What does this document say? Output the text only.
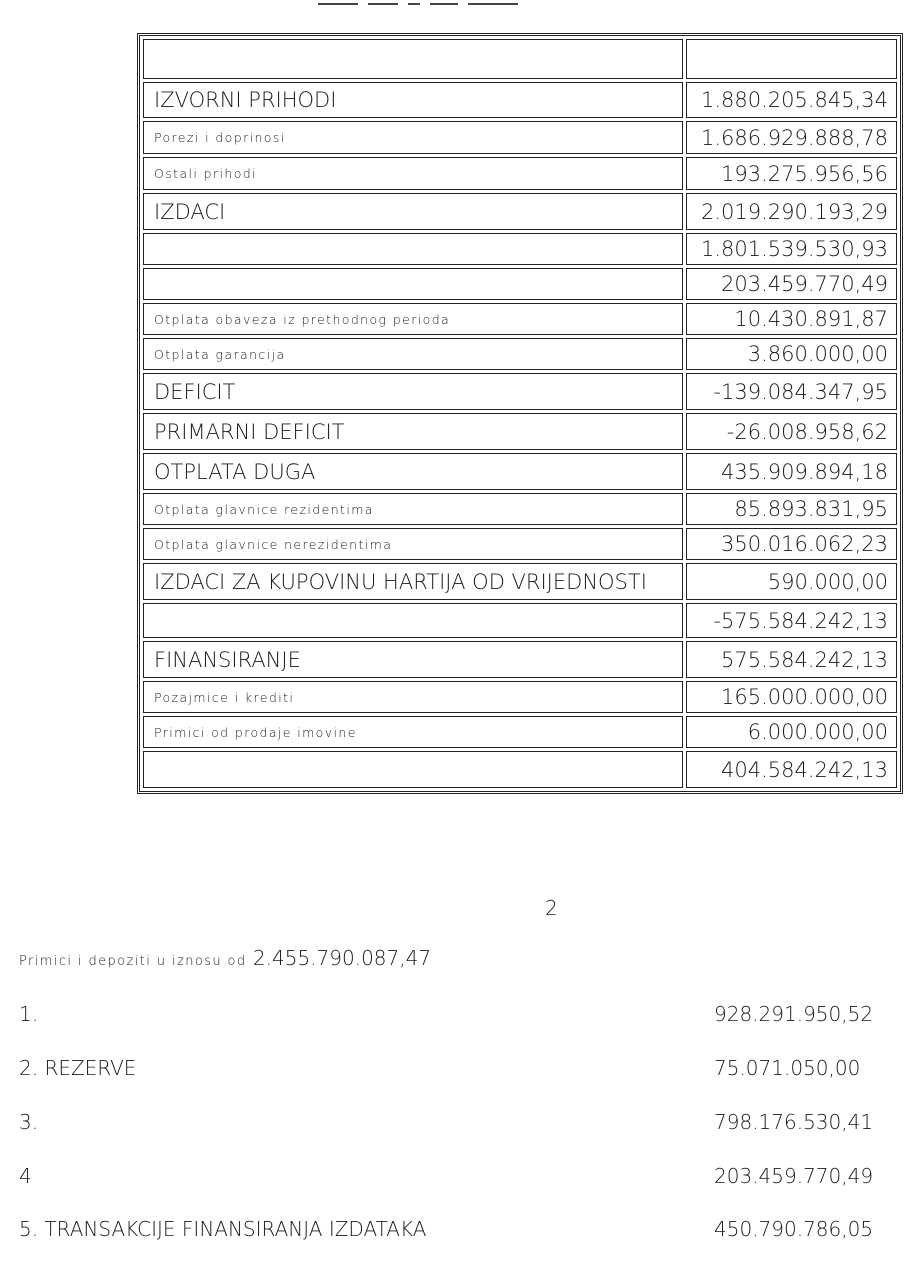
IZVORNI PRIHODI	1.880.205.845,34
Porezi i doprinosi	1.686.929.888,78
Ostali prihodi	193.275.956,56
IZDACI	2.019.290.193,29
	1.801.539.530,93
	203.459.770,49
Otplata obaveza iz prethodnog perioda	10.430.891,87
Otplata garancija	3.860.000,00
DEFICIT	-139.084.347,95
PRIMARNI DEFICIT	-26.008.958,62
OTPLATA DUGA	435.909.894,18
Otplata glavnice rezidentima	85.893.831,95
Otplata glavnice nerezidentima	350.016.062,23
IZDACI ZA KUPOVINU HARTIJA OD VRIJEDNOSTI	590.000,00
	-575.584.242,13
FINANSIRANJE	575.584.242,13
Pozajmice i krediti	165.000.000,00
Primici od prodaje imovine	6.000.000,00
	404.584.242,13
2
Primici i depoziti u iznosu od 2.455.790.087,47
1.	928.291.950,52
2. REZERVE	75.071.050,00
3.	798.176.530,41
4	203.459.770,49
5. TRANSAKCIJE FINANSIRANJA IZDATAKA	450.790.786,05
